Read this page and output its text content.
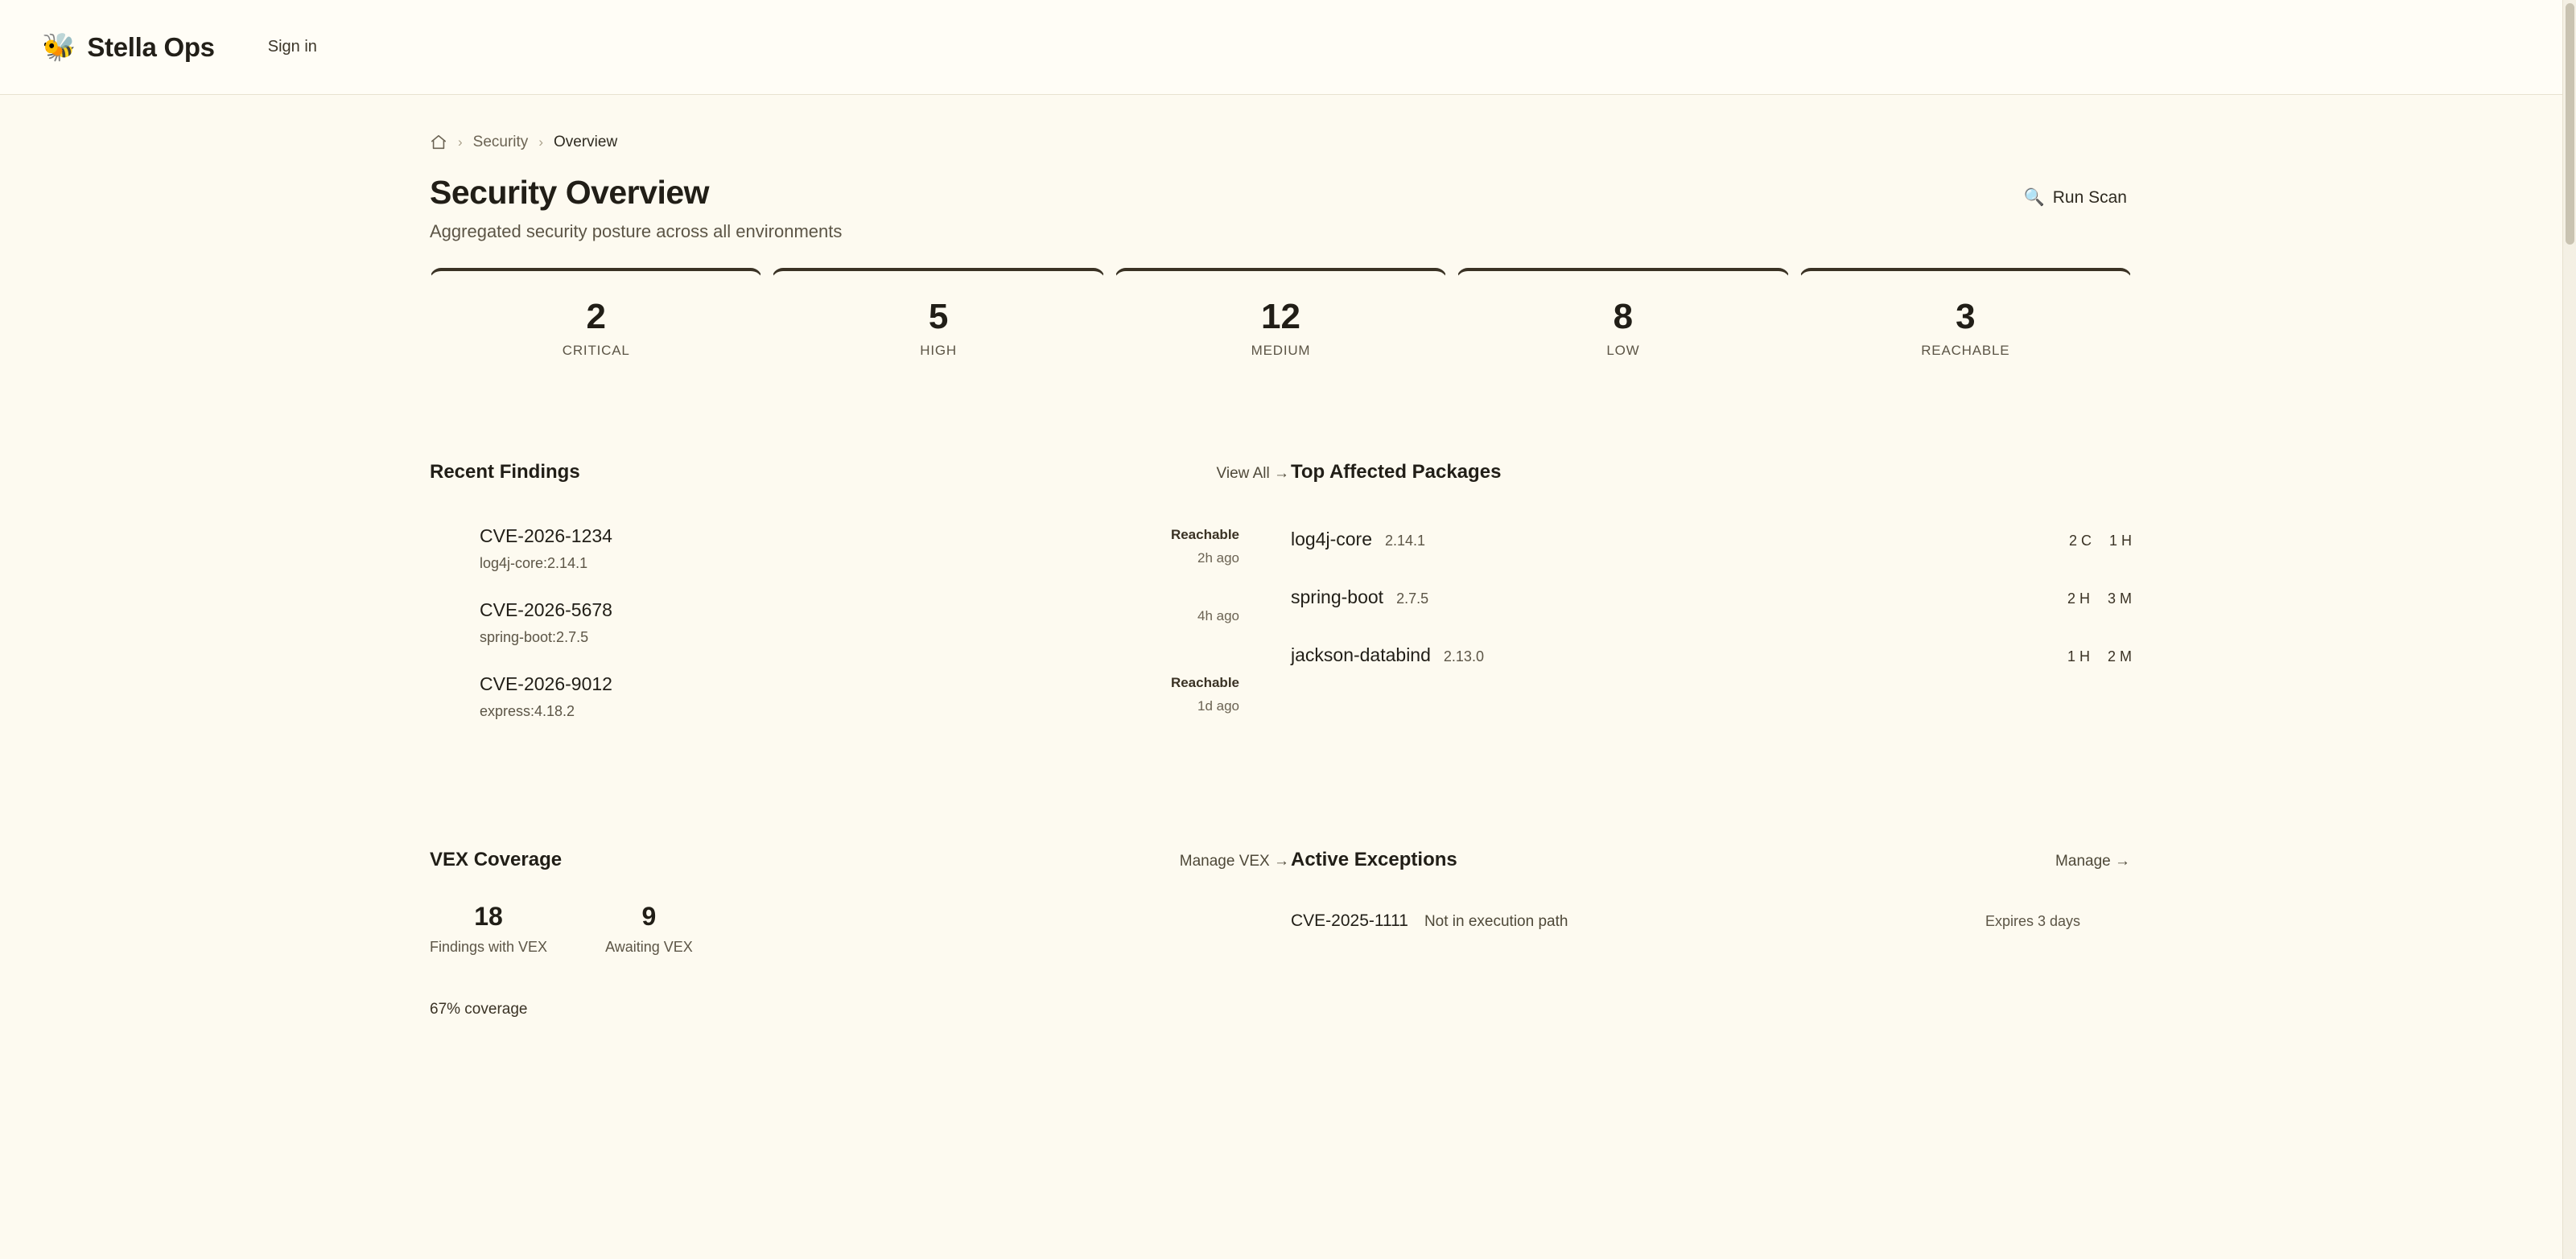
🐝 Stella Ops	Sign in
› Security › Overview
Security Overview
Aggregated security posture across all environments
🔍 Run Scan
2
CRITICAL
5
HIGH
12
MEDIUM
8
LOW
3
REACHABLE
Recent Findings	View All →
CVE-2026-1234
log4j-core:2.14.1
Reachable
2h ago
CVE-2026-5678
spring-boot:2.7.5
4h ago
CVE-2026-9012
express:4.18.2
Reachable
1d ago
Top Affected Packages
log4j-core 2.14.1	2 C 1 H
spring-boot 2.7.5	2 H 3 M
jackson-databind 2.13.0	1 H 2 M
VEX Coverage	Manage VEX →
18
Findings with VEX
9
Awaiting VEX
67% coverage
Active Exceptions	Manage →
CVE-2025-1111 Not in execution path	Expires 3 days
